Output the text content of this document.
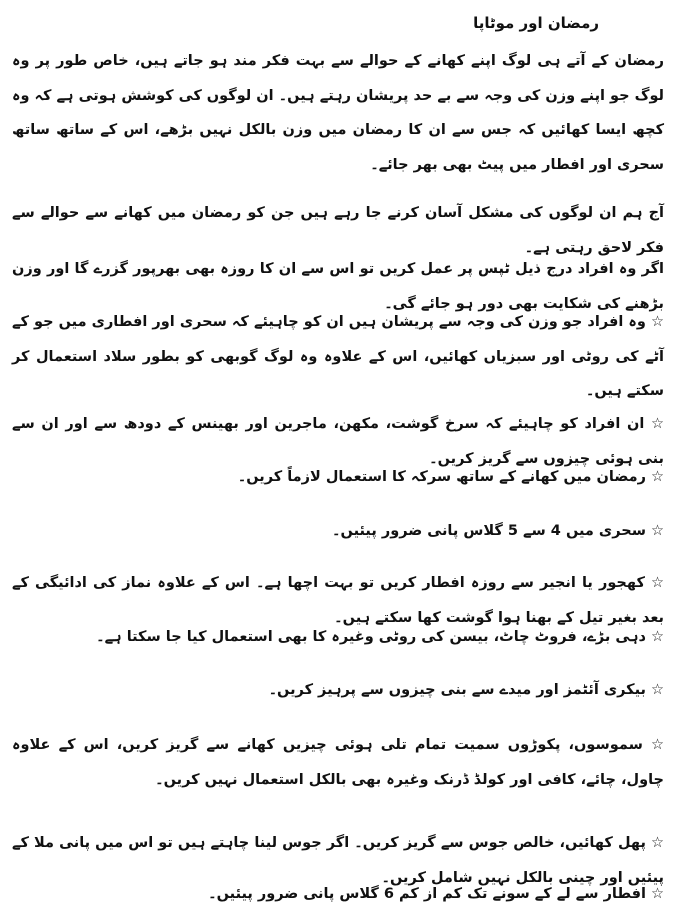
رمضان اور موٹاپا

رمضان کے آتے ہی لوگ اپنے کھانے کے حوالے سے بہت فکر مند ہو جاتے ہیں، خاص طور پر وہ لوگ جو اپنے وزن کی وجہ سے بے حد پریشان رہتے ہیں۔ ان لوگوں کی کوشش ہوتی ہے کہ وہ کچھ ایسا کھائیں کہ جس سے ان کا رمضان میں وزن بالکل نہیں بڑھے، اس کے ساتھ ساتھ سحری اور افطار میں پیٹ بھی بھر جائے۔

آج ہم ان لوگوں کی مشکل آسان کرنے جا رہے ہیں جن کو رمضان میں کھانے سے حوالے سے فکر لاحق رہتی ہے۔

اگر وہ افراد درج ذیل ٹپس پر عمل کریں تو اس سے ان کا روزہ بھی بھرپور گزرے گا اور وزن بڑھنے کی شکایت بھی دور ہو جائے گی۔

☆ وہ افراد جو وزن کی وجہ سے پریشان ہیں ان کو چاہیئے کہ سحری اور افطاری میں جو کے آٹے کی روٹی اور سبزیاں کھائیں، اس کے علاوہ وہ لوگ گوبھی کو بطور سلاد استعمال کر سکتے ہیں۔

☆ ان افراد کو چاہیئے کہ سرخ گوشت، مکھن، ماجرین اور بھینس کے دودھ سے اور ان سے بنی ہوئی چیزوں سے گریز کریں۔

☆ رمضان میں کھانے کے ساتھ سرکہ کا استعمال لازماً کریں۔

☆ سحری میں 4 سے 5 گلاس پانی ضرور پیئیں۔

☆ کھجور یا انجیر سے روزہ افطار کریں تو بہت اچھا ہے۔ اس کے علاوہ نماز کی ادائیگی کے بعد بغیر تیل کے بھنا ہوا گوشت کھا سکتے ہیں۔

☆ دہی بڑے، فروٹ چاٹ، بیسن کی روٹی وغیرہ کا بھی استعمال کیا جا سکتا ہے۔

☆ بیکری آئٹمز اور میدے سے بنی چیزوں سے پرہیز کریں۔

☆ سموسوں، پکوڑوں سمیت تمام تلی ہوئی چیزیں کھانے سے گریز کریں، اس کے علاوہ چاول، چائے، کافی اور کولڈ ڈرنک وغیرہ بھی بالکل استعمال نہیں کریں۔

☆ پھل کھائیں، خالص جوس سے گریز کریں۔ اگر جوس لینا چاہتے ہیں تو اس میں پانی ملا کے پیئیں اور چینی بالکل نہیں شامل کریں۔

☆ افطار سے لے کے سونے تک کم از کم 6 گلاس پانی ضرور پیئیں۔
